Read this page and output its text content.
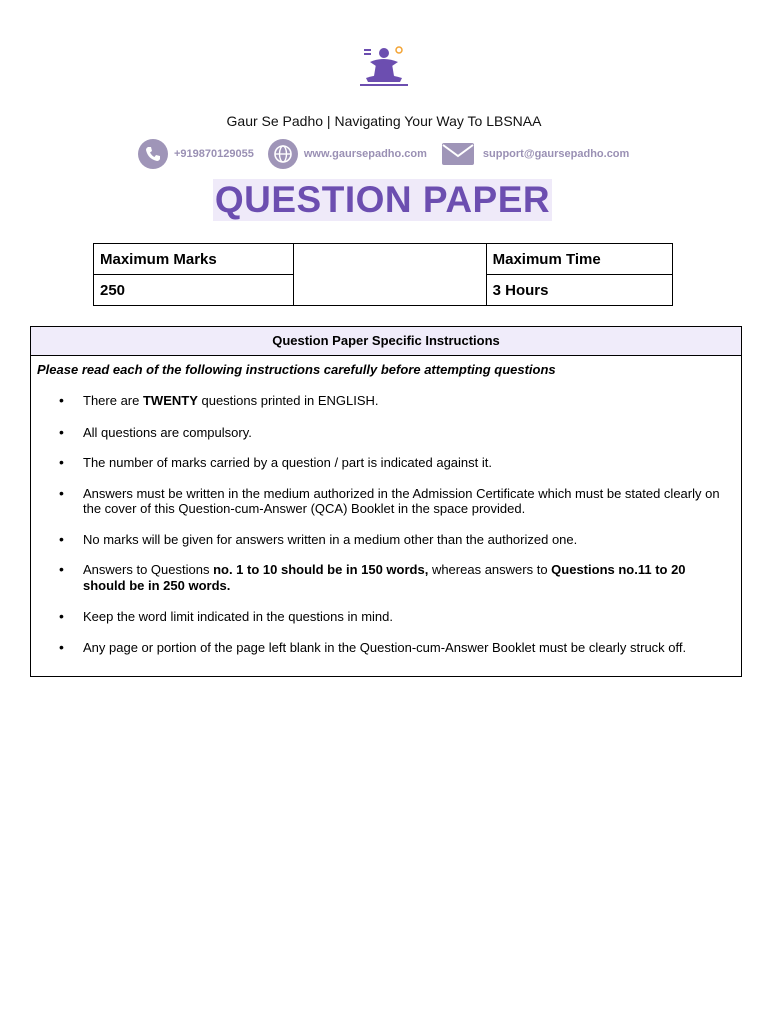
Gaur Se Padho | Navigating Your Way To LBSNAA
+919870129055	www.gaursepadho.com	support@gaursepadho.com
QUESTION PAPER
Maximum Marks		Maximum Time
250		3 Hours
Question Paper Specific Instructions
Please read each of the following instructions carefully before attempting questions
• There are TWENTY questions printed in ENGLISH.
• All questions are compulsory.
• The number of marks carried by a question / part is indicated against it.
• Answers must be written in the medium authorized in the Admission Certificate which must be stated clearly on the cover of this Question-cum-Answer (QCA) Booklet in the space provided.
• No marks will be given for answers written in a medium other than the authorized one.
• Answers to Questions no. 1 to 10 should be in 150 words, whereas answers to Questions no.11 to 20 should be in 250 words.
• Keep the word limit indicated in the questions in mind.
• Any page or portion of the page left blank in the Question-cum-Answer Booklet must be clearly struck off.
